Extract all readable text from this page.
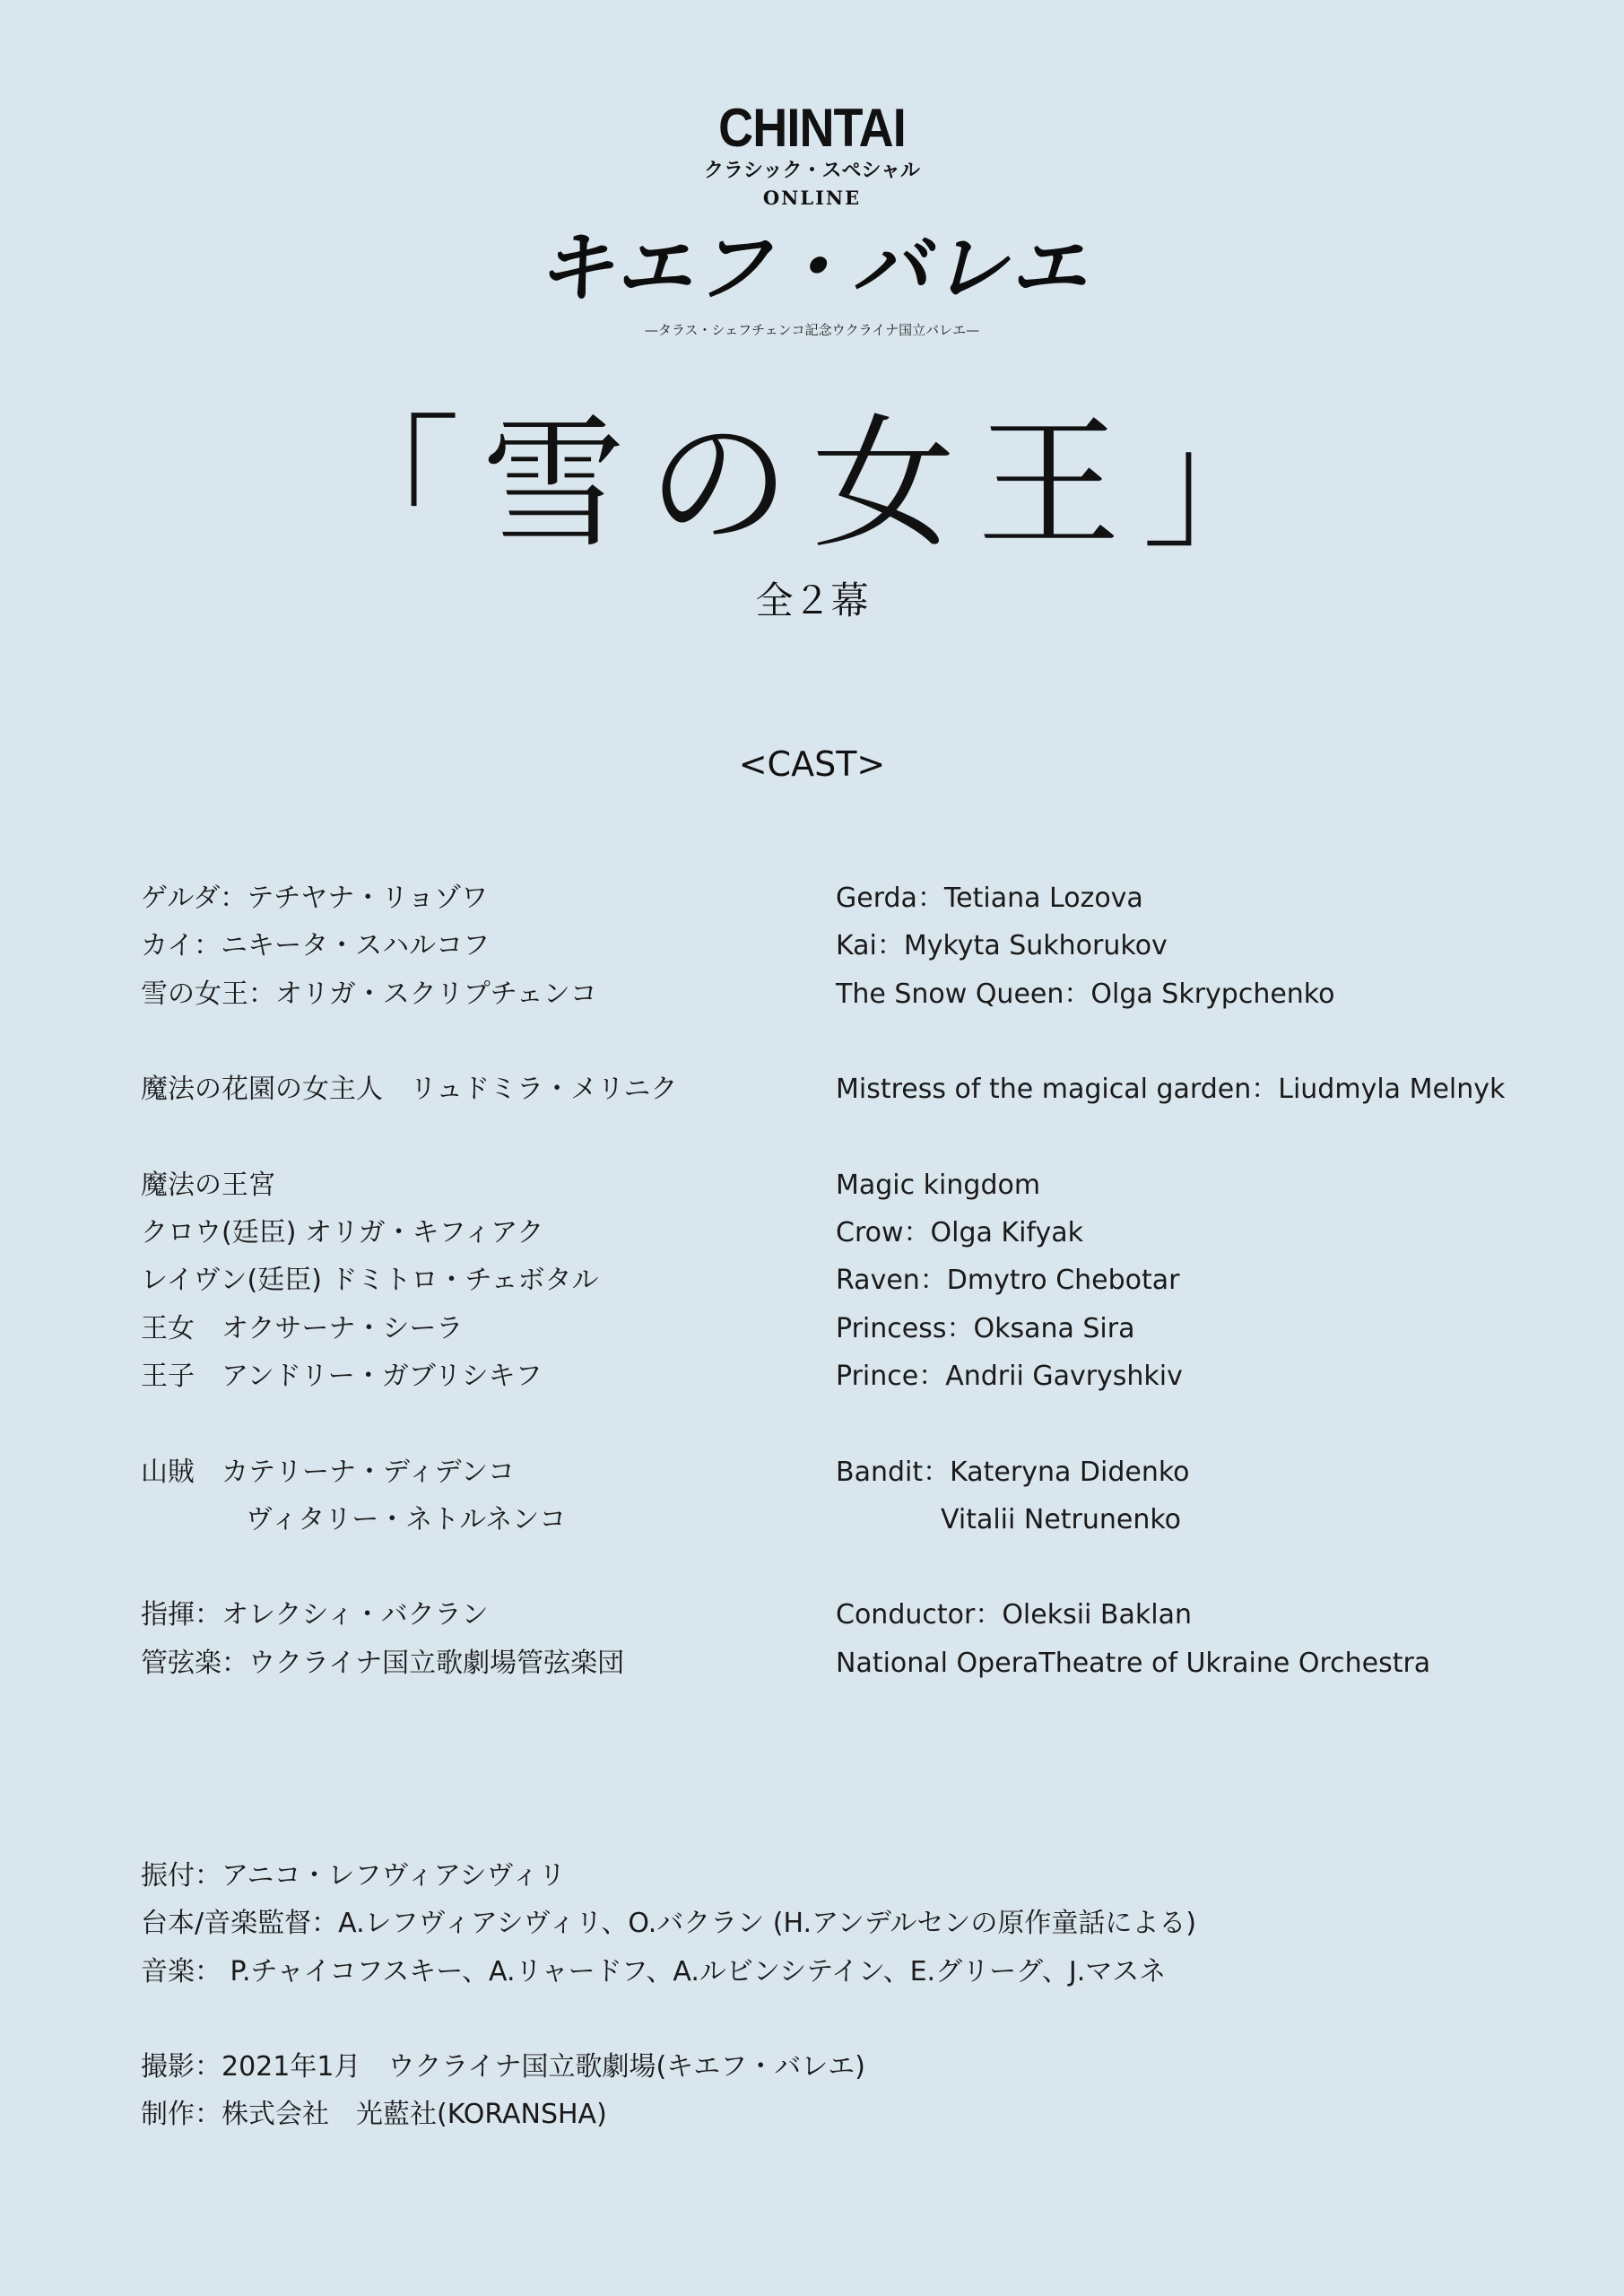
CHINTAI
クラシック・スペシャル
ONLINE
キエフ・バレエ
—タラス・シェフチェンコ記念ウクライナ国立バレエ—
「雪の女王」
全２幕
<CAST>
ゲルダ：テチヤナ・リョゾワ
カイ：ニキータ・スハルコフ
雪の女王：オリガ・スクリプチェンコ
魔法の花園の女主人　リュドミラ・メリニク
魔法の王宮
クロウ(廷臣) オリガ・キフィアク
レイヴン(廷臣) ドミトロ・チェボタル
王女　オクサーナ・シーラ
王子　アンドリー・ガブリシキフ
山賊　カテリーナ・ディデンコ
ヴィタリー・ネトルネンコ
指揮：オレクシィ・バクラン
管弦楽：ウクライナ国立歌劇場管弦楽団
Gerda：Tetiana Lozova
Kai：Mykyta Sukhorukov
The Snow Queen：Olga Skrypchenko
Mistress of the magical garden：Liudmyla Melnyk
Magic kingdom
Crow：Olga Kifyak
Raven：Dmytro Chebotar
Princess：Oksana Sira
Prince：Andrii Gavryshkiv
Bandit：Kateryna Didenko
Vitalii Netrunenko
Conductor：Oleksii Baklan
National OperaTheatre of Ukraine Orchestra
振付：アニコ・レフヴィアシヴィリ
台本/音楽監督：A.レフヴィアシヴィリ、O.バクラン (H.アンデルセンの原作童話による)
音楽： P.チャイコフスキー、A.リャードフ、A.ルビンシテイン、E.グリーグ、J.マスネ
撮影：2021年1月　ウクライナ国立歌劇場(キエフ・バレエ)
制作：株式会社　光藍社(KORANSHA)
